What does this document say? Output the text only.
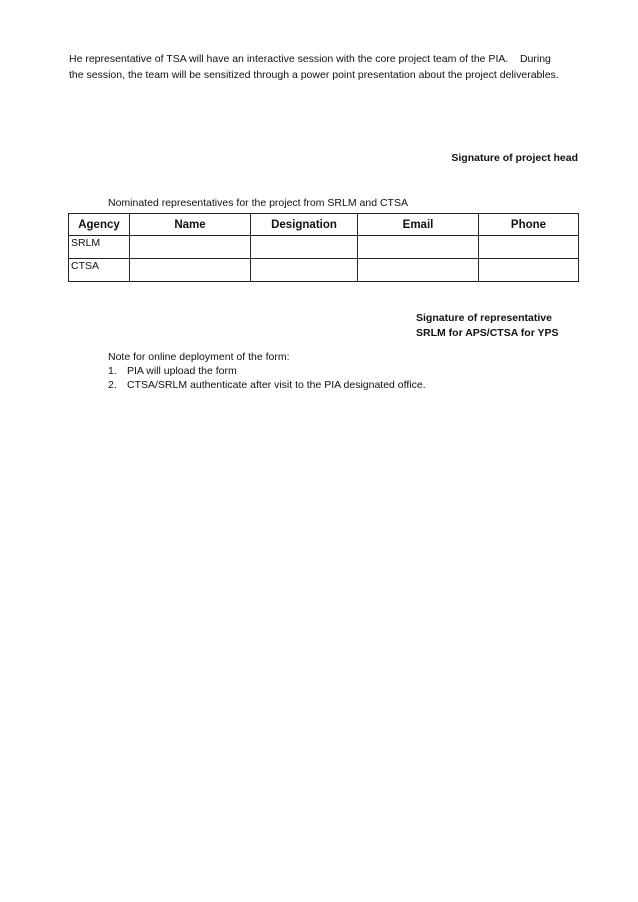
He representative of TSA will have an interactive session with the core project team of the PIA.    During
the session, the team will be sensitized through a power point presentation about the project deliverables.

Signature of project head
Nominated representatives for the project from SRLM and CTSA
Agency	Name	Designation	Email	Phone
SRLM				
CTSA				
Signature of representative
SRLM for APS/CTSA for YPS
Note for online deployment of the form:
1. PIA will upload the form
2. CTSA/SRLM authenticate after visit to the PIA designated office.
